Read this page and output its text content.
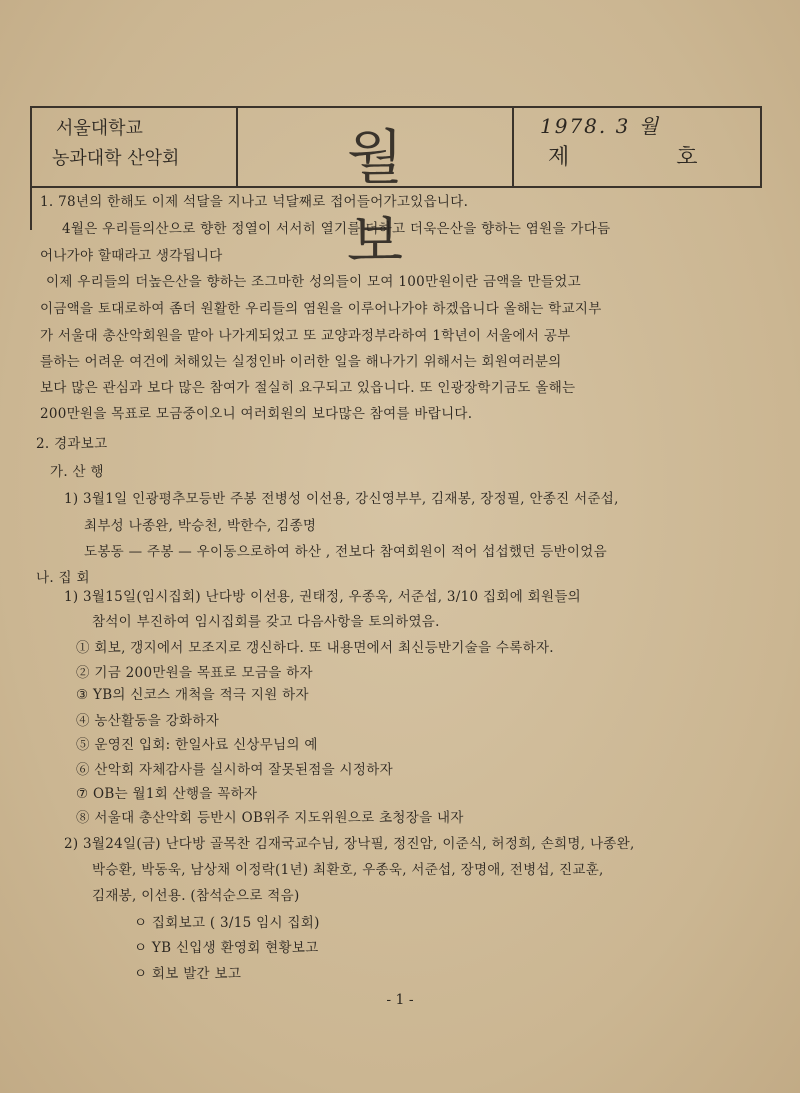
서울대학교
농과대학 산악회	월보
1978. 3 월
제 호
1. 78년의 한해도 이제 석달을 지나고 넉달째로 접어들어가고있읍니다.
4월은 우리들의산으로 향한 정열이 서서히 열기를 더하고 더욱은산을 향하는 염원을 가다듬
어나가야 할때라고 생각됩니다
이제 우리들의 더높은산을 향하는 조그마한 성의들이 모여 100만원이란 금액을 만들었고
이금액을 토대로하여 좀더 원활한 우리들의 염원을 이루어나가야 하겠읍니다 올해는 학교지부
가 서울대 총산악회원을 맡아 나가게되었고 또 교양과정부라하여 1학년이 서울에서 공부
를하는 어려운 여건에 처해있는 실정인바 이러한 일을 해나가기 위해서는 회원여러분의
보다 많은 관심과 보다 많은 참여가 절실히 요구되고 있읍니다. 또 인광장학기금도 올해는
200만원을 목표로 모금중이오니 여러회원의 보다많은 참여를 바랍니다.
2. 경과보고
가. 산 행
1) 3월1일 인광평추모등반 주봉 전병성 이선용, 강신영부부, 김재봉, 장정필, 안종진 서준섭,
최부성 나종완, 박승천, 박한수, 김종명
도봉동 — 주봉 — 우이동으로하여 하산 , 전보다 참여회원이 적어 섭섭했던 등반이었음
나. 집 회
1) 3월15일(임시집회) 난다방 이선용, 권태정, 우종욱, 서준섭, 3/10 집회에 회원들의
참석이 부진하여 임시집회를 갖고 다음사항을 토의하였음.
① 회보, 갱지에서 모조지로 갱신하다. 또 내용면에서 최신등반기술을 수록하자.
② 기금 200만원을 목표로 모금을 하자
③ YB의 신코스 개척을 적극 지원 하자
④ 농산활동을 강화하자
⑤ 운영진 입회: 한일사료 신상무님의 예
⑥ 산악회 자체감사를 실시하여 잘못된점을 시정하자
⑦ OB는 월1회 산행을 꼭하자
⑧ 서울대 총산악회 등반시 OB위주 지도위원으로 초청장을 내자
2) 3월24일(금) 난다방 골목찬 김재국교수님, 장낙필, 정진암, 이준식, 허정희, 손희명, 나종완,
박승환, 박동욱, 남상채 이정락(1년) 최환호, 우종욱, 서준섭, 장명애, 전병섭, 진교훈,
김재봉, 이선용. (참석순으로 적음)
ㅇ 집회보고 ( 3/15 임시 집회)
ㅇ YB 신입생 환영회 현황보고
ㅇ 회보 발간 보고
- 1 -
